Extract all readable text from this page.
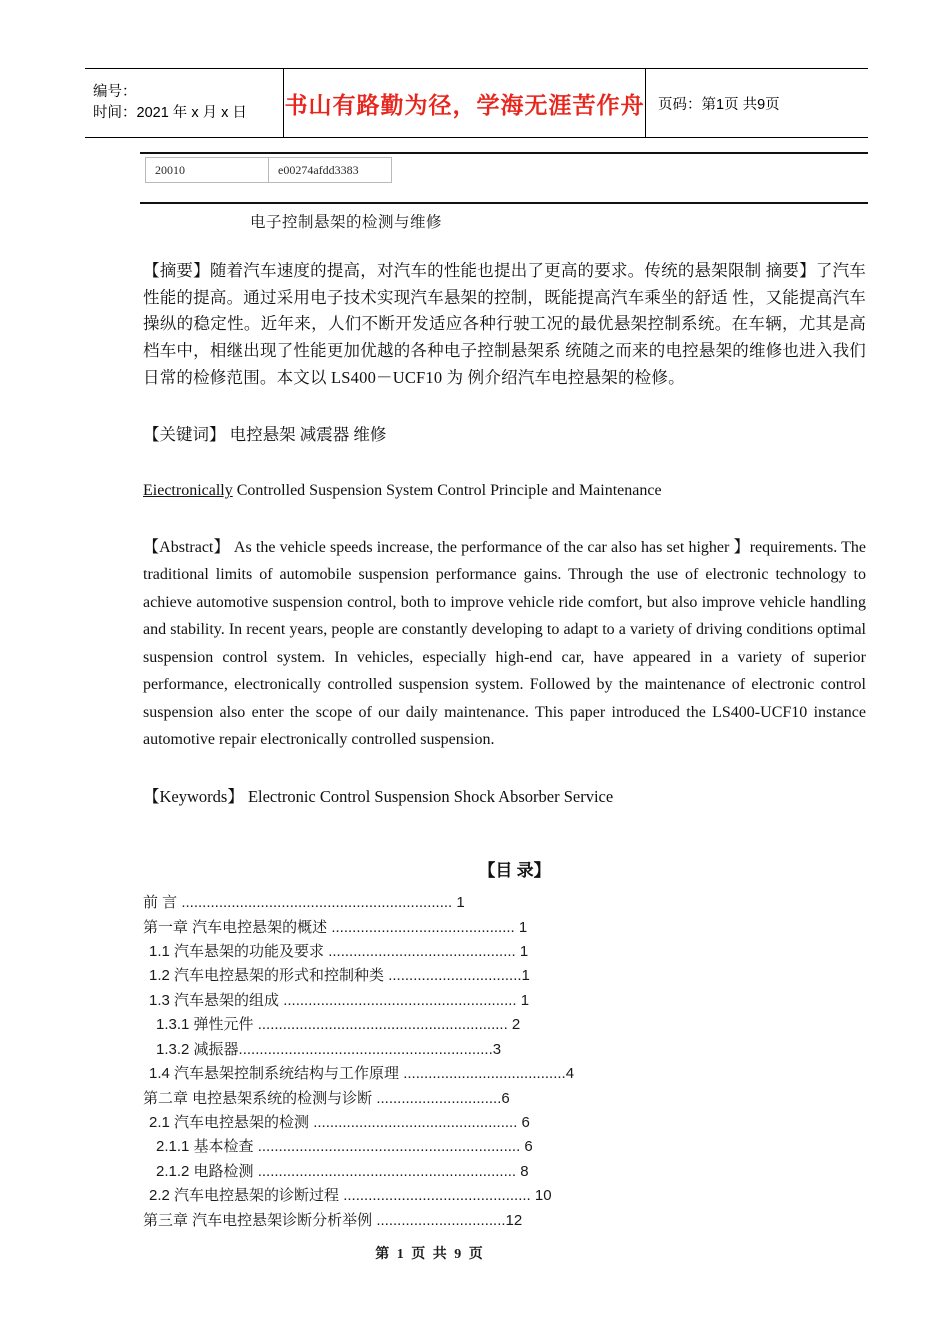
编号：
时间：2021 年 x 月 x 日	书山有路勤为径，学海无涯苦作舟	页码：第1页 共9页
20010	e00274afdd3383
电子控制悬架的检测与维修

【摘要】随着汽车速度的提高，对汽车的性能也提出了更高的要求。传统的悬架限制 摘要】了汽车性能的提高。通过采用电子技术实现汽车悬架的控制，既能提高汽车乘坐的舒适 性，又能提高汽车操纵的稳定性。近年来，人们不断开发适应各种行驶工况的最优悬架控制系统。在车辆，尤其是高档车中，相继出现了性能更加优越的各种电子控制悬架系 统随之而来的电控悬架的维修也进入我们日常的检修范围。本文以 LS400－UCF10 为 例介绍汽车电控悬架的检修。

【关键词】 电控悬架 减震器 维修

Eiectronically Controlled Suspension System Control Principle and Maintenance

【Abstract】 As the vehicle speeds increase, the performance of the car also has set higher 】requirements. The traditional limits of automobile suspension performance gains. Through the use of electronic technology to achieve automotive suspension control, both to improve vehicle ride comfort, but also improve vehicle handling and stability. In recent years, people are constantly developing to adapt to a variety of driving conditions optimal suspension control system. In vehicles, especially high-end car, have appeared in a variety of superior performance, electronically controlled suspension system. Followed by the maintenance of electronic control suspension also enter the scope of our daily maintenance. This paper introduced the LS400-UCF10 instance automotive repair electronically controlled suspension.

【Keywords】 Electronic Control Suspension Shock Absorber Service

【目 录】
前 言 ................................................................. 1
第一章 汽车电控悬架的概述 ............................................ 1
1.1 汽车悬架的功能及要求 ............................................. 1
1.2 汽车电控悬架的形式和控制种类 ................................1
1.3 汽车悬架的组成 ........................................................ 1
1.3.1 弹性元件 ............................................................ 2
1.3.2 减振器.............................................................3
1.4 汽车悬架控制系统结构与工作原理 .......................................4
第二章 电控悬架系统的检测与诊断 ..............................6
2.1 汽车电控悬架的检测 ................................................. 6
2.1.1 基本检查 ............................................................... 6
2.1.2 电路检测 .............................................................. 8
2.2 汽车电控悬架的诊断过程 ............................................. 10
第三章 汽车电控悬架诊断分析举例 ...............................12
第 1 页 共 9 页
